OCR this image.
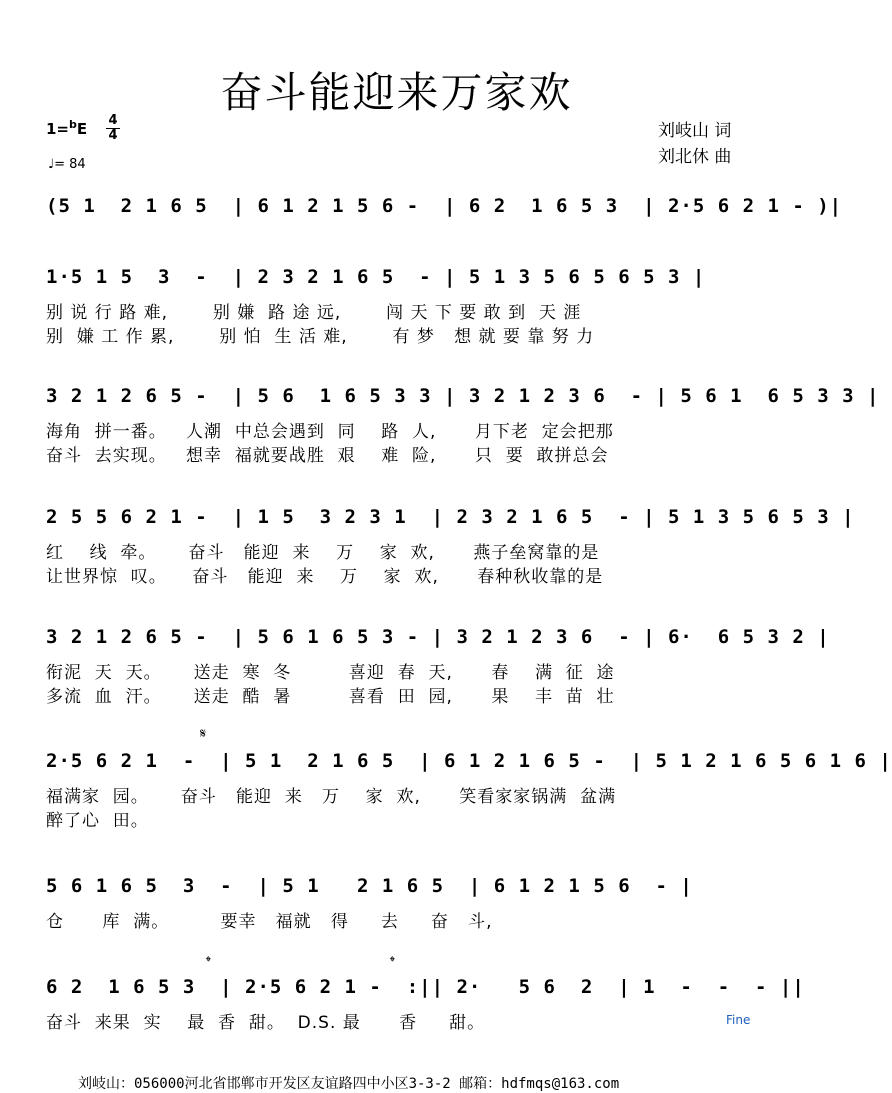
奋斗能迎来万家欢
1=$^b$E 4
4
♩= 84
刘岐山 词
刘北休 曲
(5 1  2 1 6 5  | 6 1 2 1 5 6 -  | 6 2  1 6 5 3  | 2·5 6 2 1 - )|
1·5 1 5  3  -  | 2 3 2 1 6 5  - | 5 1 3 5 6 5 6 5 3 |
别 说 行 路 难,       别 嫌  路 途 远,       闯 天 下 要 敢 到  天 涯
别  嫌 工 作 累,       别 怕  生 活 难,       有 梦   想 就 要 靠 努 力
3 2 1 2 6 5 -  | 5 6  1 6 5 3 3 | 3 2 1 2 3 6  - | 5 6 1  6 5 3 3 |
海角  拼一番。   人潮  中总会遇到  同    路  人,      月下老  定会把那
奋斗  去实现。   想幸  福就要战胜  艰    难  险,      只  要  敢拼总会
2 5 5 6 2 1 -  | 1 5  3 2 3 1  | 2 3 2 1 6 5  - | 5 1 3 5 6 5 3 |
红    线  牵。     奋斗   能迎  来    万    家  欢,      燕子垒窝靠的是
让世界惊  叹。    奋斗   能迎  来    万    家  欢,      春种秋收靠的是
3 2 1 2 6 5 -  | 5 6 1 6 5 3 - | 3 2 1 2 3 6  - | 6·  6 5 3 2 |
衔泥  天  天。     送走  寒  冬         喜迎  春  天,      春    满  征  途
多流  血  汗。     送走  酷  暑         喜看  田  园,      果    丰  苗  壮
2·5 6 2 1  -  | 5 1  2 1 6 5  | 6 1 2 1 6 5 -  | 5 1 2 1 6 5 6 1 6 |
福满家  园。     奋斗   能迎  来   万    家  欢,      笑看家家锅满  盆满
醉了心  田。
5 6 1 6 5  3  -  | 5 1   2 1 6 5  | 6 1 2 1 5 6  - |
仓      库  满。        要幸   福就   得     去     奋   斗,
6 2  1 6 5 3  | 2·5 6 2 1 -  :|| 2·   5 6  2  | 1  -  -  - ||
奋斗  来果  实    最  香  甜。  D.S. 最      香     甜。
𝄋
𝄌	𝄌
Fine
刘岐山：056000河北省邯郸市开发区友谊路四中小区3-3-2 邮箱：hdfmqs@163.com
